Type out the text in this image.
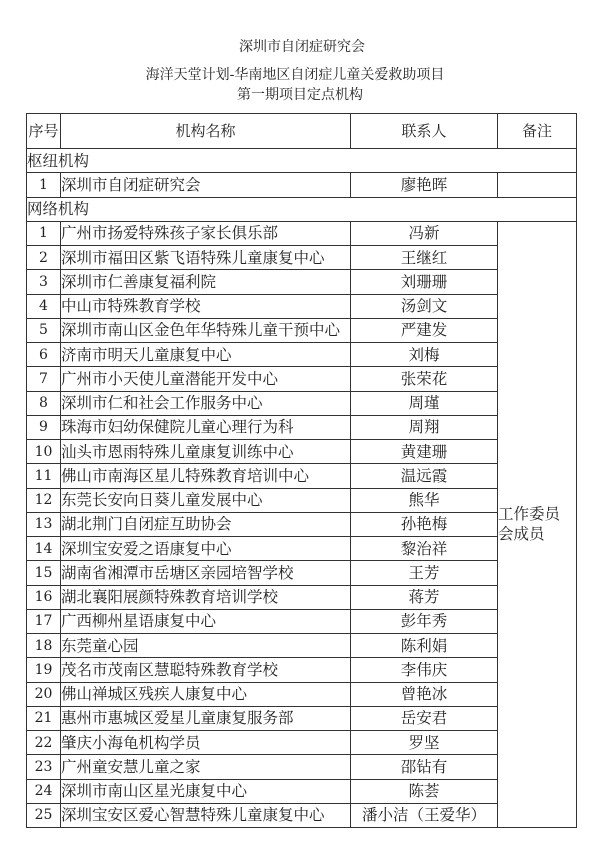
深圳市自闭症研究会
海洋天堂计划-华南地区自闭症儿童关爱救助项目
第一期项目定点机构
序号	机构名称	联系人	备注
枢纽机构			
1	深圳市自闭症研究会	廖艳晖	
网络机构			
1	广州市扬爱特殊孩子家长俱乐部	冯新	工作委员会成员
2	深圳市福田区紫飞语特殊儿童康复中心	王继红	
3	深圳市仁善康复福利院	刘珊珊	
4	中山市特殊教育学校	汤剑文	
5	深圳市南山区金色年华特殊儿童干预中心	严建发	
6	济南市明天儿童康复中心	刘梅	
7	广州市小天使儿童潜能开发中心	张荣花	
8	深圳市仁和社会工作服务中心	周瑾	
9	珠海市妇幼保健院儿童心理行为科	周翔	
10	汕头市恩雨特殊儿童康复训练中心	黄建珊	
11	佛山市南海区星儿特殊教育培训中心	温远霞	
12	东莞长安向日葵儿童发展中心	熊华	
13	湖北荆门自闭症互助协会	孙艳梅	
14	深圳宝安爱之语康复中心	黎治祥	
15	湖南省湘潭市岳塘区亲园培智学校	王芳	
16	湖北襄阳展颜特殊教育培训学校	蒋芳	
17	广西柳州星语康复中心	彭年秀	
18	东莞童心园	陈利娟	
19	茂名市茂南区慧聪特殊教育学校	李伟庆	
20	佛山禅城区残疾人康复中心	曾艳冰	
21	惠州市惠城区爱星儿童康复服务部	岳安君	
22	肇庆小海龟机构学员	罗坚	
23	广州童安慧儿童之家	邵钻有	
24	深圳市南山区星光康复中心	陈荟	
25	深圳宝安区爱心智慧特殊儿童康复中心	潘小洁（王爱华）	
